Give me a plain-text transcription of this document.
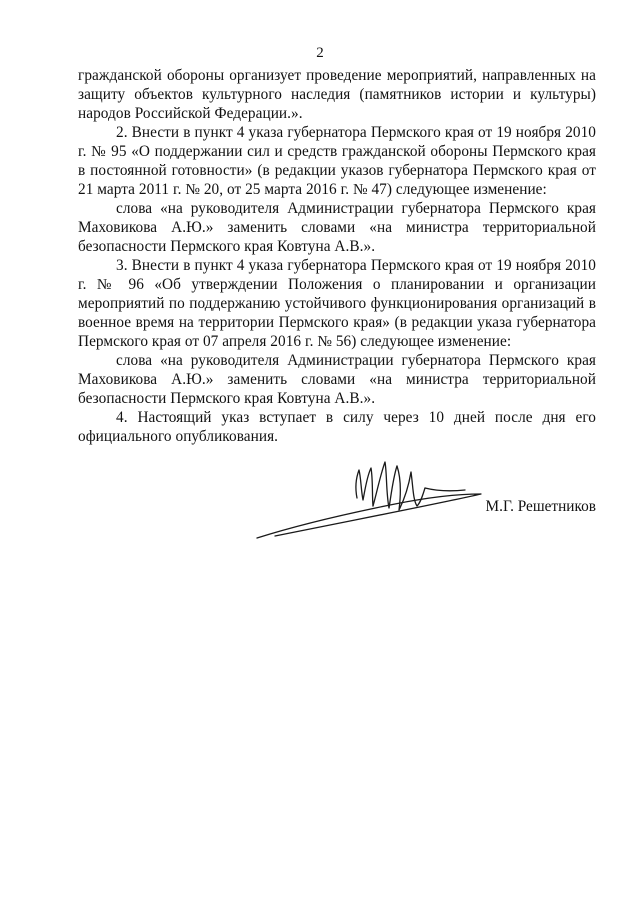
2

гражданской обороны организует проведение мероприятий, направленных на защиту объектов культурного наследия (памятников истории и культуры) народов Российской Федерации.».

2. Внести в пункт 4 указа губернатора Пермского края от 19 ноября 2010 г. № 95 «О поддержании сил и средств гражданской обороны Пермского края в постоянной готовности» (в редакции указов губернатора Пермского края от 21 марта 2011 г. № 20, от 25 марта 2016 г. № 47) следующее изменение:

слова «на руководителя Администрации губернатора Пермского края Маховикова А.Ю.» заменить словами «на министра территориальной безопасности Пермского края Ковтуна А.В.».

3. Внести в пункт 4 указа губернатора Пермского края от 19 ноября 2010 г. № 96 «Об утверждении Положения о планировании и организации мероприятий по поддержанию устойчивого функционирования организаций в военное время на территории Пермского края» (в редакции указа губернатора Пермского края от 07 апреля 2016 г. № 56) следующее изменение:

слова «на руководителя Администрации губернатора Пермского края Маховикова А.Ю.» заменить словами «на министра территориальной безопасности Пермского края Ковтуна А.В.».

4. Настоящий указ вступает в силу через 10 дней после дня его официального опубликования.

М.Г. Решетников
